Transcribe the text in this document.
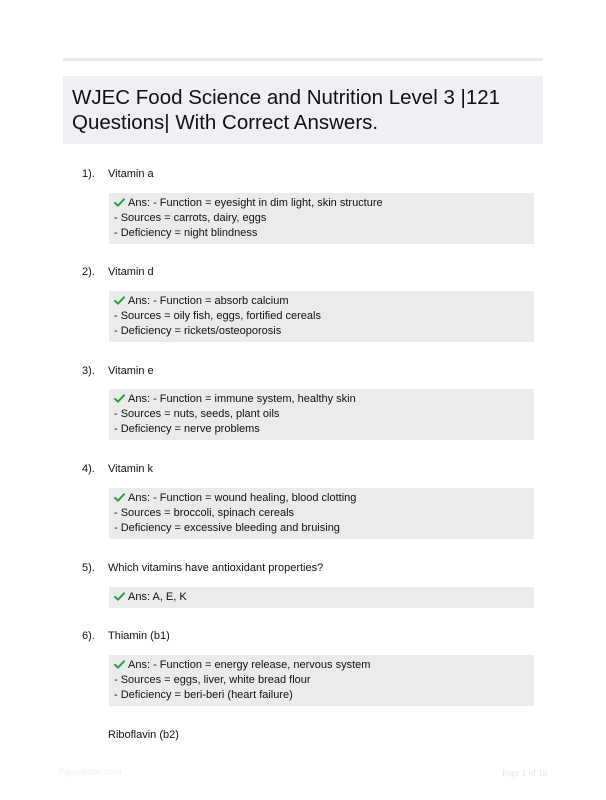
WJEC Food Science and Nutrition Level 3 |121 Questions| With Correct Answers.
1). Vitamin a
Ans: - Function = eyesight in dim light, skin structure
- Sources = carrots, dairy, eggs
- Deficiency = night blindness
2). Vitamin d
Ans: - Function = absorb calcium
- Sources = oily fish, eggs, fortified cereals
- Deficiency = rickets/osteoporosis
3). Vitamin e
Ans: - Function = immune system, healthy skin
- Sources = nuts, seeds, plant oils
- Deficiency = nerve problems
4). Vitamin k
Ans: - Function = wound healing, blood clotting
- Sources = broccoli, spinach cereals
- Deficiency = excessive bleeding and bruising
5). Which vitamins have antioxidant properties?
Ans: A, E, K
6). Thiamin (b1)
Ans: - Function = energy release, nervous system
- Sources = eggs, liver, white bread flour
- Deficiency = beri-beri (heart failure)
Riboflavin (b2)
PaperBible.com	Page 1 of 18
